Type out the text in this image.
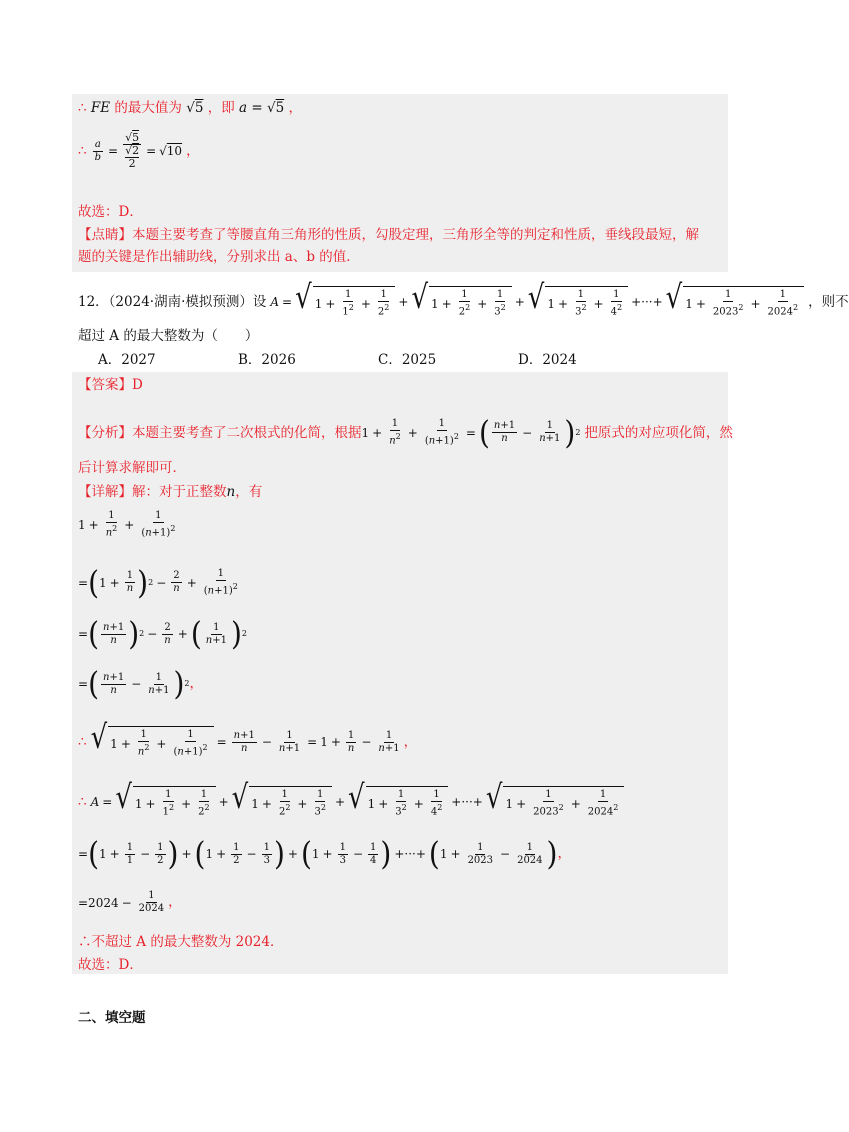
∴ FE 的最大值为 √5 ，即 a = √5 ，
∴ $\frac{a}{b} = √5$
√2
2 = √10 ，
故选：D．
【点睛】本题主要考查了等腰直角三角形的性质，勾股定理，三角形全等的判定和性质，垂线段最短，解
题的关键是作出辅助线，分别求出 a、b 的值．
12．（2024·湖南·模拟预测）设 A = √ $1 + \frac{1}{1^2} + \frac{1}{2^2}$ + √ $1 + \frac{1}{2^2} + \frac{1}{3^2}$ + √ $1 + \frac{1}{3^2} + \frac{1}{4^2}$ +···+ √ $1 + \frac{1}{2023^2} + \frac{1}{2024^2}$ ，则不
超过 A 的最大整数为（　　）
A．2027	B．2026	C．2025	D．2024
【答案】D
【分析】本题主要考查了二次根式的化简，根据 $1 + \frac{1}{n^2} + \frac{1}{(n+1)^2}$ = ( $\frac{n+1}{n} - \frac{1}{n+1}$ ) 2 把原式的对应项化简，然
后计算求解即可．
【详解】解：对于正整数n，有
$1 + \frac{1}{n^2} + \frac{1}{(n+1)^2}$
= ( $1 + \frac{1}{n}$ ) $2 - \frac{2}{n} + \frac{1}{(n+1)^2}$
= ( $\frac{n+1}{n}$ ) $2 - \frac{2}{n}$ + ( $\frac{1}{n+1}$ ) 2
= ( $\frac{n+1}{n} - \frac{1}{n+1}$ ) 2 ，
∴ √ $1 + \frac{1}{n^2} + \frac{1}{(n+1)^2} = \frac{n+1}{n} - \frac{1}{n+1} = 1 + \frac{1}{n} - \frac{1}{n+1}$ ，
∴ A = √ $1 + \frac{1}{1^2} + \frac{1}{2^2}$ + √ $1 + \frac{1}{2^2} + \frac{1}{3^2}$ + √ $1 + \frac{1}{3^2} + \frac{1}{4^2}$ +···+ √ $1 + \frac{1}{2023^2} + \frac{1}{2024^2}$
= ( $1 + \frac{1}{1} - \frac{1}{2}$ ) + ( $1 + \frac{1}{2} - \frac{1}{3}$ ) + ( $1 + \frac{1}{3} - \frac{1}{4}$ ) +···+ ( $1 + \frac{1}{2023} - \frac{1}{2024}$ ) ，
$=2024 - \frac{1}{2024}$ ，
∴不超过 A 的最大整数为 2024．
故选：D．
二、填空题
